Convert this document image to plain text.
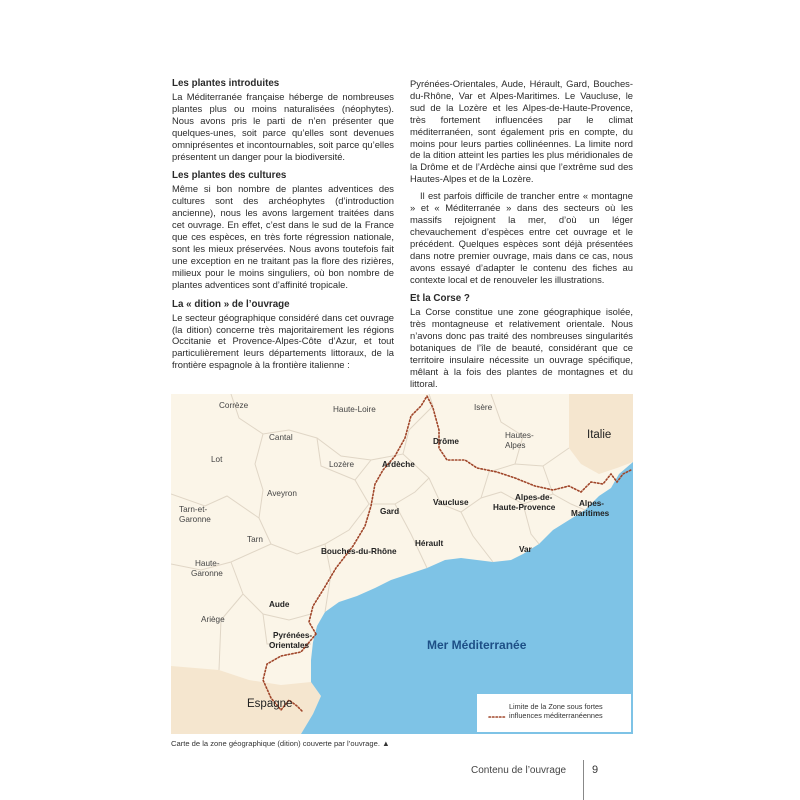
Les plantes introduites

La Méditerranée française héberge de nombreuses plantes plus ou moins naturalisées (néophytes). Nous avons pris le parti de n’en présenter que quelques-unes, soit parce qu’elles sont devenues omniprésentes et incontournables, soit parce qu’elles présentent un danger pour la biodiversité.

Les plantes des cultures

Même si bon nombre de plantes adventices des cultures sont des archéophytes (d’introduction ancienne), nous les avons largement traitées dans cet ouvrage. En effet, c’est dans le sud de la France que ces espèces, en très forte régression nationale, sont les mieux préservées. Nous avons toutefois fait une exception en ne traitant pas la flore des rizières, milieux pour le moins singuliers, où bon nombre de plantes adventices sont d’affinité tropicale.

La « dition » de l’ouvrage

Le secteur géographique considéré dans cet ouvrage (la dition) concerne très majoritairement les régions Occitanie et Provence-Alpes-Côte d’Azur, et tout particulièrement leurs départements littoraux, de la frontière espagnole à la frontière italienne :

Pyrénées-Orientales, Aude, Hérault, Gard, Bouches-du-Rhône, Var et Alpes-Maritimes. Le Vaucluse, le sud de la Lozère et les Alpes-de-Haute-Provence, très fortement influencées par le climat méditerranéen, sont également pris en compte, du moins pour leurs parties collinéennes. La limite nord de la dition atteint les parties les plus méridionales de la Drôme et de l’Ardèche ainsi que l’extrême sud des Hautes-Alpes et de la Lozère.

Il est parfois difficile de trancher entre « montagne » et « Méditerranée » dans des secteurs où les massifs rejoignent la mer, d’où un léger chevauchement d’espèces entre cet ouvrage et le précédent. Quelques espèces sont déjà présentées dans notre premier ouvrage, mais dans ce cas, nous avons essayé d’adapter le contenu des fiches au contexte local et de renouveler les illustrations.

Et la Corse ?

La Corse constitue une zone géographique isolée, très montagneuse et relativement orientale. Nous n’avons donc pas traité des nombreuses singularités botaniques de l’île de beauté, considérant que ce territoire insulaire nécessite un ouvrage spécifique, mêlant à la fois des plantes de montagnes et du littoral.

Corrèze
Cantal
Haute-Loire	Isère
Drôme
Hautes-Alpes
Italie
Lot
Lozère	Ardèche
Aveyron
Vaucluse
Alpes-de-Haute-Provence	Alpes-Maritimes
Tarn-et-Garonne
Gard
Tarn	Hérault
Bouches-du-Rhône	Var
Haute-Garonne
Aude
Ariège
Pyrénées-Orientales	Mer Méditerranée
Espagne	Limite de la Zone sous fortes influences méditerranéennes
Carte de la zone géographique (dition) couverte par l’ouvrage. ▲
Contenu de l’ouvrage 9
